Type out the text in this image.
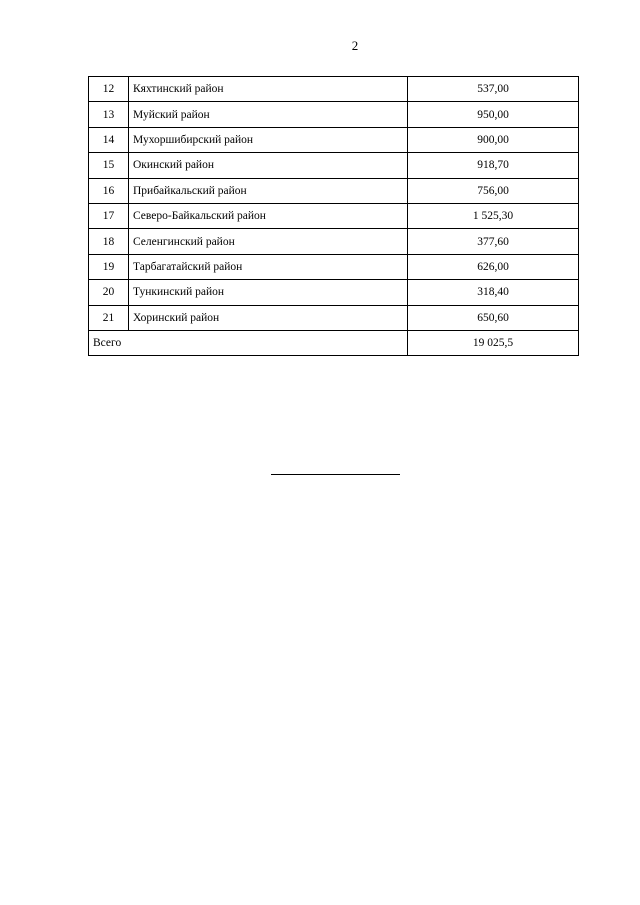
2
12	Кяхтинский район	537,00
13	Муйский район	950,00
14	Мухоршибирский район	900,00
15	Окинский район	918,70
16	Прибайкальский район	756,00
17	Северо-Байкальский район	1 525,30
18	Селенгинский район	377,60
19	Тарбагатайский район	626,00
20	Тункинский район	318,40
21	Хоринский район	650,60
Всего		19 025,5
